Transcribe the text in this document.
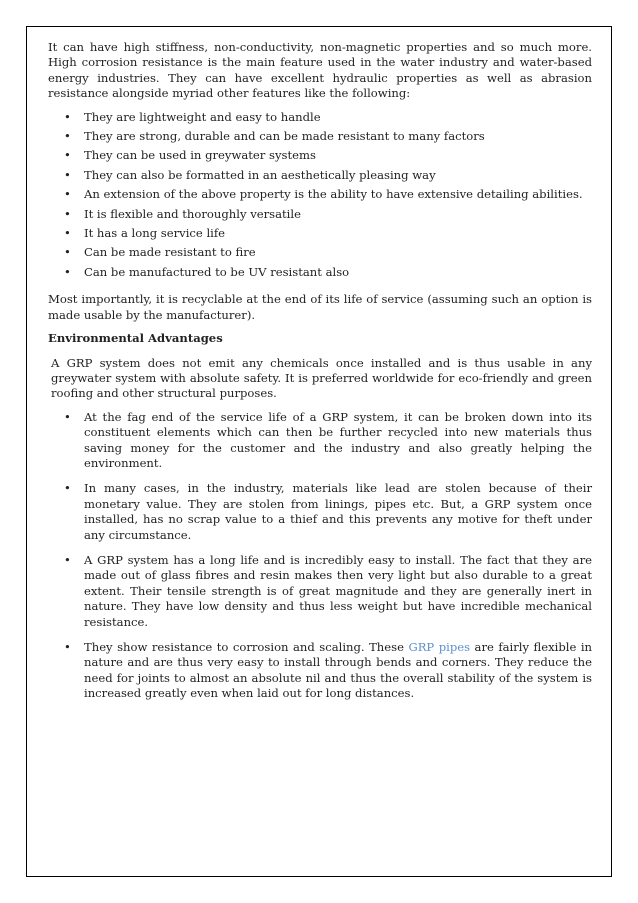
It can have high stiffness, non-conductivity, non-magnetic properties and so much more. High corrosion resistance is the main feature used in the water industry and water-based energy industries. They can have excellent hydraulic properties as well as abrasion resistance alongside myriad other features like the following:

• They are lightweight and easy to handle
• They are strong, durable and can be made resistant to many factors
• They can be used in greywater systems
• They can also be formatted in an aesthetically pleasing way
• An extension of the above property is the ability to have extensive detailing abilities.
• It is flexible and thoroughly versatile
• It has a long service life
• Can be made resistant to fire
• Can be manufactured to be UV resistant also

Most importantly, it is recyclable at the end of its life of service (assuming such an option is made usable by the manufacturer).

Environmental Advantages

A GRP system does not emit any chemicals once installed and is thus usable in any greywater system with absolute safety. It is preferred worldwide for eco-friendly and green roofing and other structural purposes.

• At the fag end of the service life of a GRP system, it can be broken down into its constituent elements which can then be further recycled into new materials thus saving money for the customer and the industry and also greatly helping the environment.
• In many cases, in the industry, materials like lead are stolen because of their monetary value. They are stolen from linings, pipes etc. But, a GRP system once installed, has no scrap value to a thief and this prevents any motive for theft under any circumstance.
• A GRP system has a long life and is incredibly easy to install. The fact that they are made out of glass fibres and resin makes then very light but also durable to a great extent. Their tensile strength is of great magnitude and they are generally inert in nature. They have low density and thus less weight but have incredible mechanical resistance.
• They show resistance to corrosion and scaling. These GRP pipes are fairly flexible in nature and are thus very easy to install through bends and corners. They reduce the need for joints to almost an absolute nil and thus the overall stability of the system is increased greatly even when laid out for long distances.
